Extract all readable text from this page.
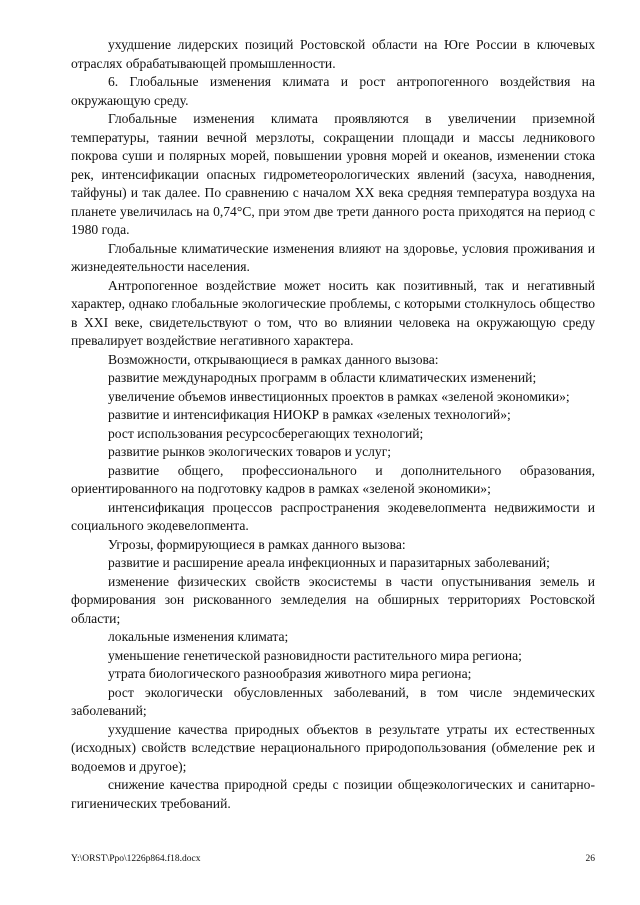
ухудшение лидерских позиций Ростовской области на Юге России в ключевых отраслях обрабатывающей промышленности.

6. Глобальные изменения климата и рост антропогенного воздействия на окружающую среду.

Глобальные изменения климата проявляются в увеличении приземной температуры, таянии вечной мерзлоты, сокращении площади и массы ледникового покрова суши и полярных морей, повышении уровня морей и океанов, изменении стока рек, интенсификации опасных гидрометеорологических явлений (засуха, наводнения, тайфуны) и так далее. По сравнению с началом XX века средняя температура воздуха на планете увеличилась на 0,74°C, при этом две трети данного роста приходятся на период с 1980 года.

Глобальные климатические изменения влияют на здоровье, условия проживания и жизнедеятельности населения.

Антропогенное воздействие может носить как позитивный, так и негативный характер, однако глобальные экологические проблемы, с которыми столкнулось общество в XXI веке, свидетельствуют о том, что во влиянии человека на окружающую среду превалирует воздействие негативного характера.

Возможности, открывающиеся в рамках данного вызова:

развитие международных программ в области климатических изменений;

увеличение объемов инвестиционных проектов в рамках «зеленой экономики»;

развитие и интенсификация НИОКР в рамках «зеленых технологий»;

рост использования ресурсосберегающих технологий;

развитие рынков экологических товаров и услуг;

развитие общего, профессионального и дополнительного образования, ориентированного на подготовку кадров в рамках «зеленой экономики»;

интенсификация процессов распространения экодевелопмента недвижимости и социального экодевелопмента.

Угрозы, формирующиеся в рамках данного вызова:

развитие и расширение ареала инфекционных и паразитарных заболеваний;

изменение физических свойств экосистемы в части опустынивания земель и формирования зон рискованного земледелия на обширных территориях Ростовской области;

локальные изменения климата;

уменьшение генетической разновидности растительного мира региона;

утрата биологического разнообразия животного мира региона;

рост экологически обусловленных заболеваний, в том числе эндемических заболеваний;

ухудшение качества природных объектов в результате утраты их естественных (исходных) свойств вследствие нерационального природопользования (обмеление рек и водоемов и другое);

снижение качества природной среды с позиции общеэкологических и санитарно-гигиенических требований.

Y:\ORST\Ppo\1226p864.f18.docx	26
